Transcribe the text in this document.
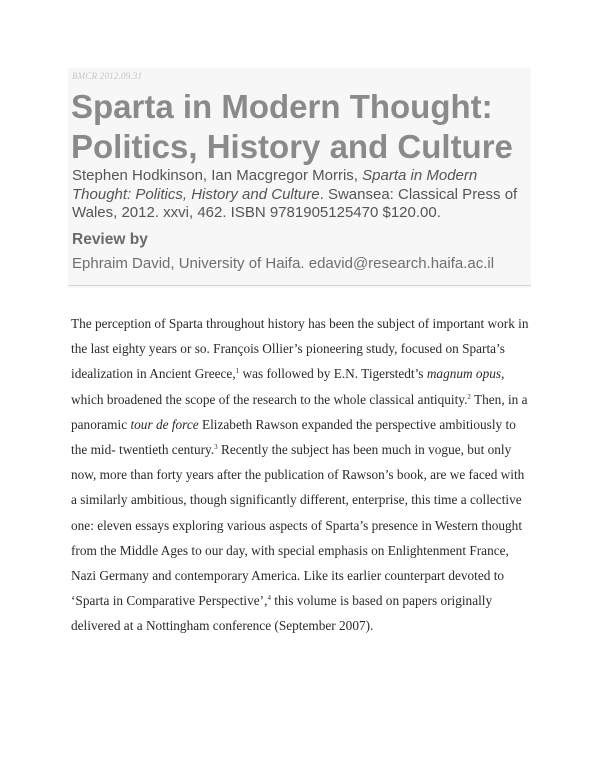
BMCR 2012.09.31
Sparta in Modern Thought: Politics, History and Culture
Stephen Hodkinson, Ian Macgregor Morris, Sparta in Modern Thought: Politics, History and Culture. Swansea: Classical Press of Wales, 2012. xxvi, 462. ISBN 9781905125470 $120.00.
Review by
Ephraim David, University of Haifa. edavid@research.haifa.ac.il

The perception of Sparta throughout history has been the subject of important work in the last eighty years or so. François Ollier’s pioneering study, focused on Sparta’s idealization in Ancient Greece,$^1$ was followed by E.N. Tigerstedt’s magnum opus, which broadened the scope of the research to the whole classical antiquity.$^2$ Then, in a panoramic tour de force Elizabeth Rawson expanded the perspective ambitiously to the mid- twentieth century.$^3$ Recently the subject has been much in vogue, but only now, more than forty years after the publication of Rawson’s book, are we faced with a similarly ambitious, though significantly different, enterprise, this time a collective one: eleven essays exploring various aspects of Sparta’s presence in Western thought from the Middle Ages to our day, with special emphasis on Enlightenment France, Nazi Germany and contemporary America. Like its earlier counterpart devoted to ‘Sparta in Comparative Perspective’,$^4$ this volume is based on papers originally delivered at a Nottingham conference (September 2007).
